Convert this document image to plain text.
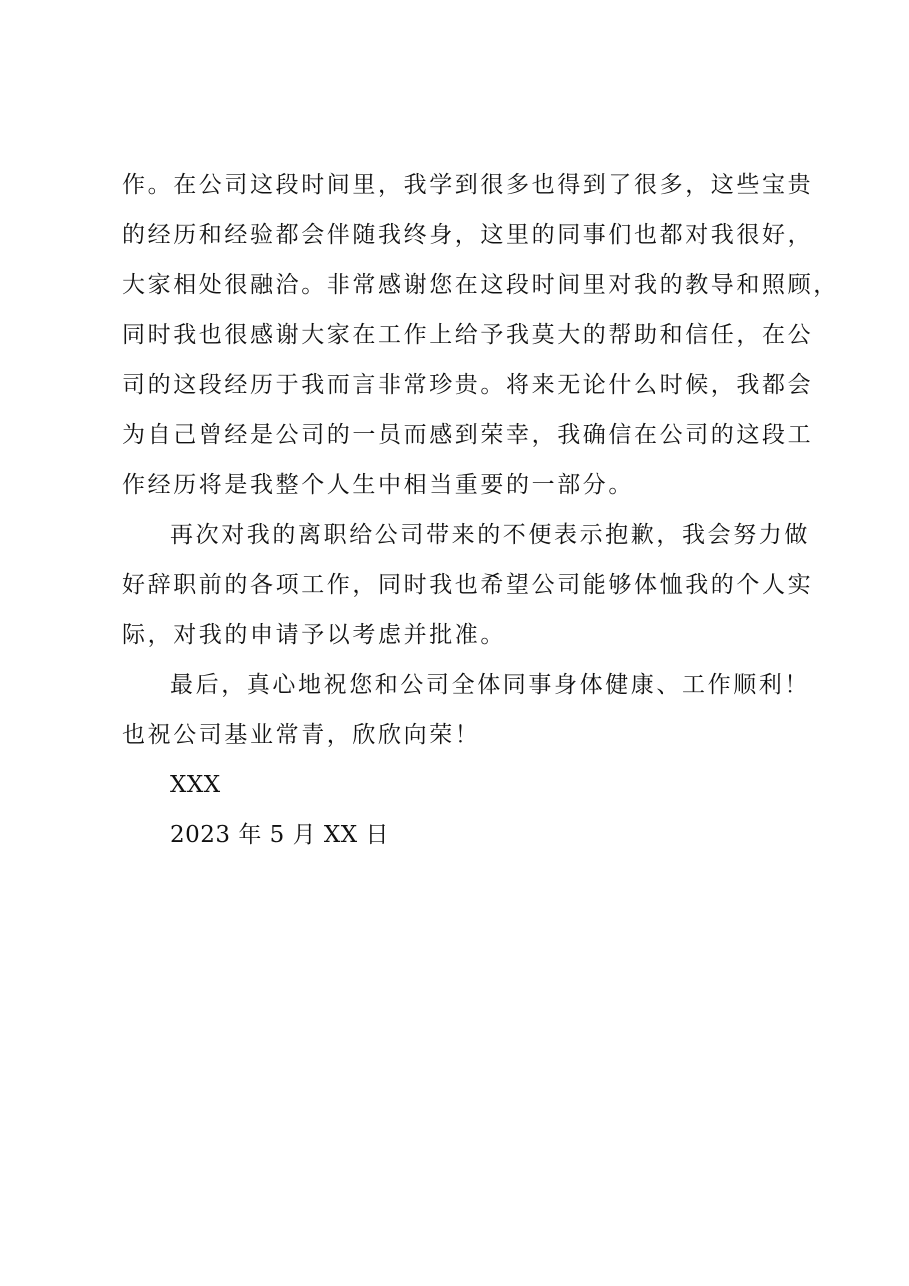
作。在公司这段时间里，我学到很多也得到了很多，这些宝贵
的经历和经验都会伴随我终身，这里的同事们也都对我很好，
大家相处很融洽。非常感谢您在这段时间里对我的教导和照顾，
同时我也很感谢大家在工作上给予我莫大的帮助和信任，在公
司的这段经历于我而言非常珍贵。将来无论什么时候，我都会
为自己曾经是公司的一员而感到荣幸，我确信在公司的这段工
作经历将是我整个人生中相当重要的一部分。
再次对我的离职给公司带来的不便表示抱歉，我会努力做
好辞职前的各项工作，同时我也希望公司能够体恤我的个人实
际，对我的申请予以考虑并批准。
最后，真心地祝您和公司全体同事身体健康、工作顺利！
也祝公司基业常青，欣欣向荣！
XXX
2023 年 5 月 XX 日
